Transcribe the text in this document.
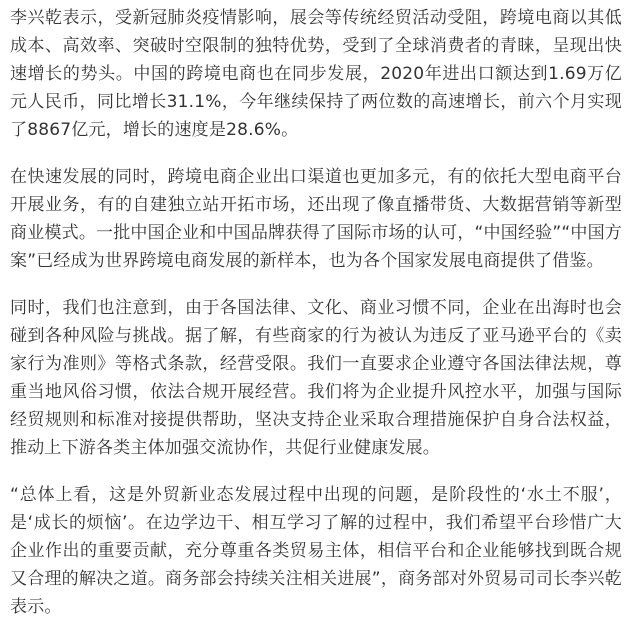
李兴乾表示，受新冠肺炎疫情影响，展会等传统经贸活动受阻，跨境电商以其低成本、高效率、突破时空限制的独特优势，受到了全球消费者的青睐，呈现出快速增长的势头。中国的跨境电商也在同步发展，2020年进出口额达到1.69万亿元人民币，同比增长31.1%，今年继续保持了两位数的高速增长，前六个月实现了8867亿元，增长的速度是28.6%。

在快速发展的同时，跨境电商企业出口渠道也更加多元，有的依托大型电商平台开展业务，有的自建独立站开拓市场，还出现了像直播带货、大数据营销等新型商业模式。一批中国企业和中国品牌获得了国际市场的认可，“中国经验”“中国方案”已经成为世界跨境电商发展的新样本，也为各个国家发展电商提供了借鉴。

同时，我们也注意到，由于各国法律、文化、商业习惯不同，企业在出海时也会碰到各种风险与挑战。据了解，有些商家的行为被认为违反了亚马逊平台的《卖家行为准则》等格式条款，经营受限。我们一直要求企业遵守各国法律法规，尊重当地风俗习惯，依法合规开展经营。我们将为企业提升风控水平，加强与国际经贸规则和标准对接提供帮助，坚决支持企业采取合理措施保护自身合法权益，推动上下游各类主体加强交流协作，共促行业健康发展。

“总体上看，这是外贸新业态发展过程中出现的问题，是阶段性的‘水土不服’，是‘成长的烦恼’。在边学边干、相互学习了解的过程中，我们希望平台珍惜广大企业作出的重要贡献，充分尊重各类贸易主体，相信平台和企业能够找到既合规又合理的解决之道。商务部会持续关注相关进展”，商务部对外贸易司司长李兴乾表示。
